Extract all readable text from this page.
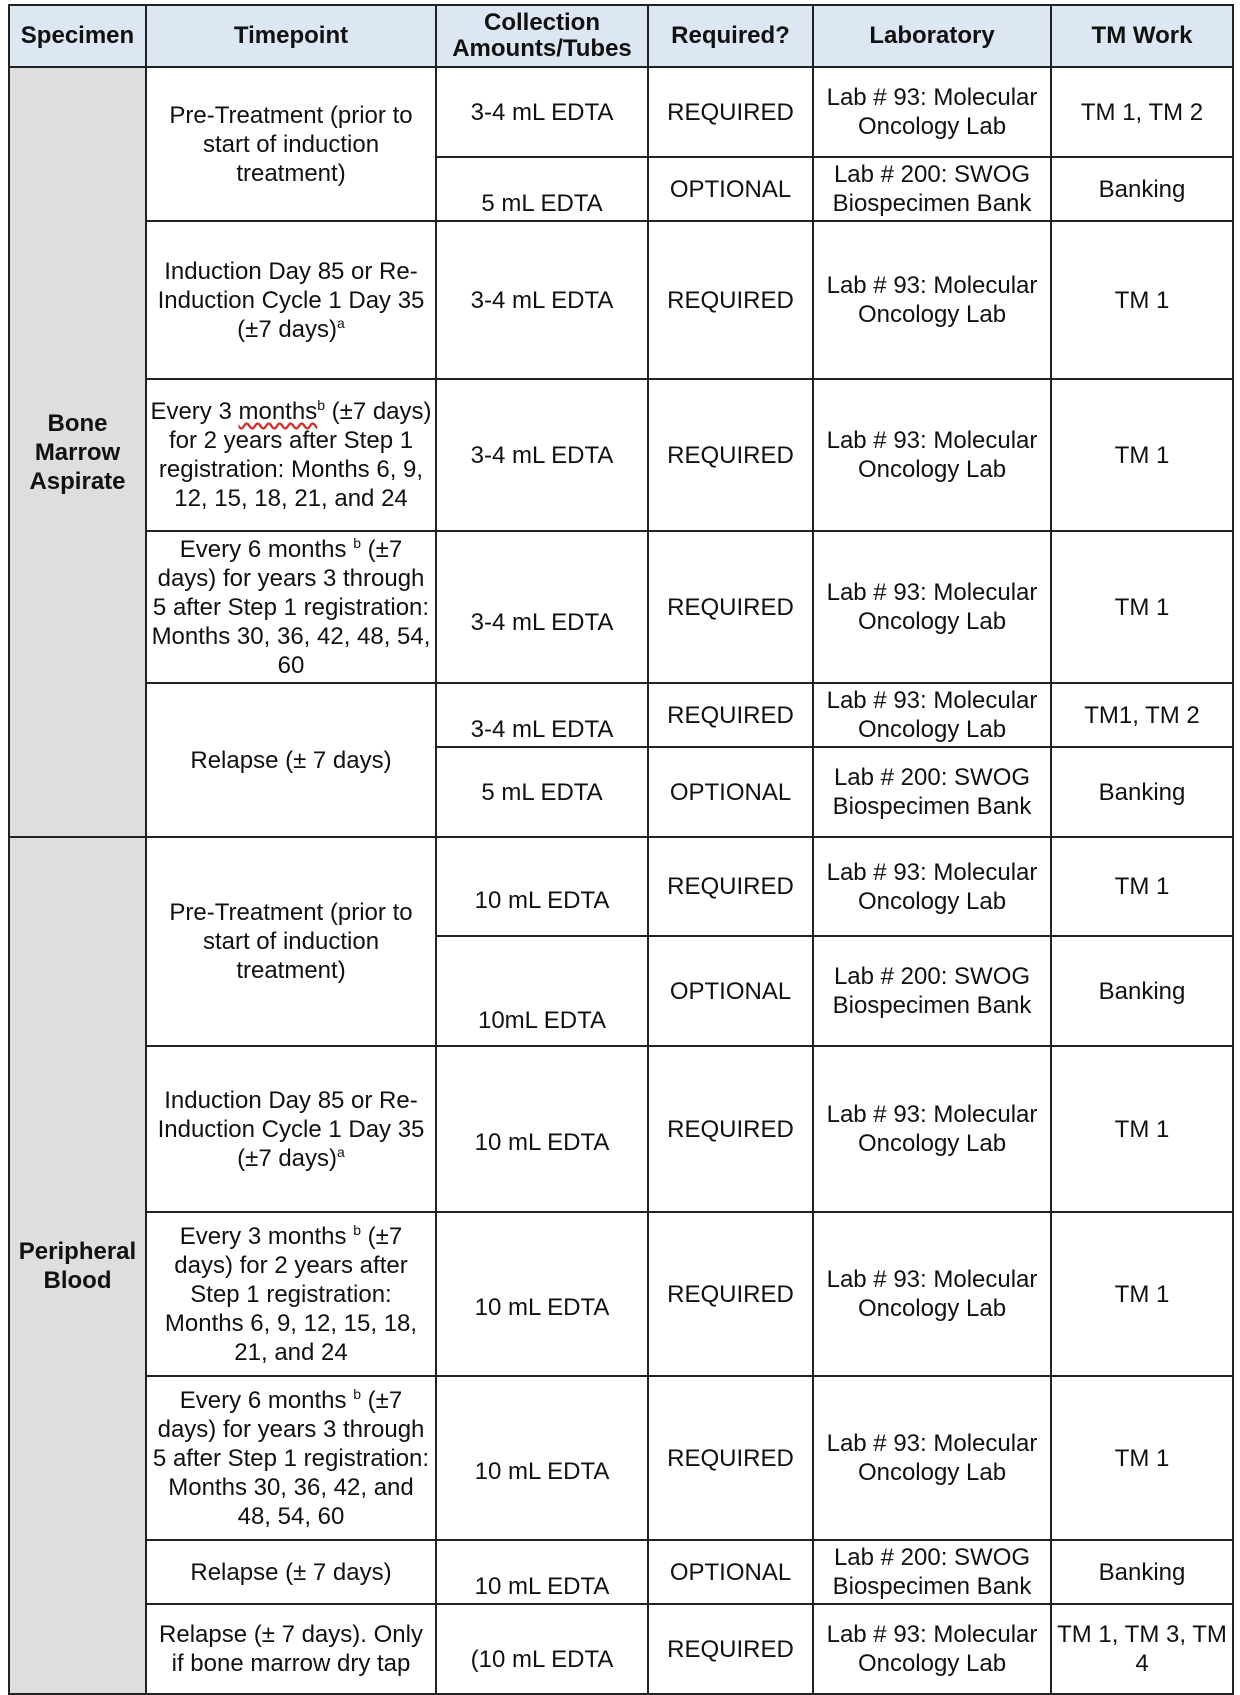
Specimen	Timepoint	Collection Amounts/Tubes	Required?	Laboratory	TM Work
Bone Marrow Aspirate	Pre-Treatment (prior to start of induction treatment)	3-4 mL EDTA	REQUIRED	Lab # 93: Molecular Oncology Lab	TM 1, TM 2
		5 mL EDTA	OPTIONAL	Lab # 200: SWOG Biospecimen Bank	Banking
	Induction Day 85 or Re-Induction Cycle 1 Day 35 (±7 days)$^a$	3-4 mL EDTA	REQUIRED	Lab # 93: Molecular Oncology Lab	TM 1
	Every 3 months$^b$ (±7 days) for 2 years after Step 1 registration: Months 6, 9, 12, 15, 18, 21, and 24	3-4 mL EDTA	REQUIRED	Lab # 93: Molecular Oncology Lab	TM 1
	Every 6 months $^b$ (±7 days) for years 3 through 5 after Step 1 registration: Months 30, 36, 42, 48, 54, 60	3-4 mL EDTA	REQUIRED	Lab # 93: Molecular Oncology Lab	TM 1
	Relapse (± 7 days)	3-4 mL EDTA	REQUIRED	Lab # 93: Molecular Oncology Lab	TM1, TM 2
		5 mL EDTA	OPTIONAL	Lab # 200: SWOG Biospecimen Bank	Banking
Peripheral Blood	Pre-Treatment (prior to start of induction treatment)	10 mL EDTA	REQUIRED	Lab # 93: Molecular Oncology Lab	TM 1
		10mL EDTA	OPTIONAL	Lab # 200: SWOG Biospecimen Bank	Banking
	Induction Day 85 or Re-Induction Cycle 1 Day 35 (±7 days)$^a$	10 mL EDTA	REQUIRED	Lab # 93: Molecular Oncology Lab	TM 1
	Every 3 months $^b$ (±7 days) for 2 years after Step 1 registration: Months 6, 9, 12, 15, 18, 21, and 24	10 mL EDTA	REQUIRED	Lab # 93: Molecular Oncology Lab	TM 1
	Every 6 months $^b$ (±7 days) for years 3 through 5 after Step 1 registration: Months 30, 36, 42, and 48, 54, 60	10 mL EDTA	REQUIRED	Lab # 93: Molecular Oncology Lab	TM 1
	Relapse (± 7 days)	10 mL EDTA	OPTIONAL	Lab # 200: SWOG Biospecimen Bank	Banking
	Relapse (± 7 days). Only if bone marrow dry tap	(10 mL EDTA	REQUIRED	Lab # 93: Molecular Oncology Lab	TM 1, TM 3, TM 4
